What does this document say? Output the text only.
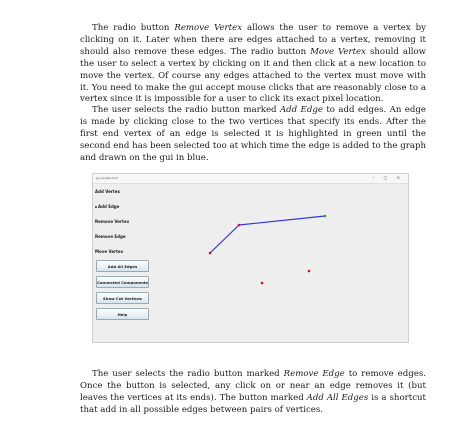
The radio button Remove Vertex allows the user to remove a vertex by clicking on it. Later when there are edges attached to a vertex, removing it should also remove these edges. The radio button Move Vertex should allow the user to select a vertex by clicking on it and then click at a new location to move the vertex. Of course any edges attached to the vertex must move with it. You need to make the gui accept mouse clicks that are reasonably close to a vertex since it is impossible for a user to click its exact pixel location.

The user selects the radio button marked Add Edge to add edges. An edge is made by clicking close to the two vertices that specify its ends. After the first end vertex of an edge is selected it is highlighted in green until the second end has been selected too at which time the edge is added to the graph and drawn on the gui in blue.

gui_Graph GUI	– □ ✕
Add Vertex
Add Edge
Remove Vertex
Remove Edge
Move Vertex
Add All Edges
Connected Components
Show Cut Vertices
Help

The user selects the radio button marked Remove Edge to remove edges. Once the button is selected, any click on or near an edge removes it (but leaves the vertices at its ends). The button marked Add All Edges is a shortcut that add in all possible edges between pairs of vertices.
